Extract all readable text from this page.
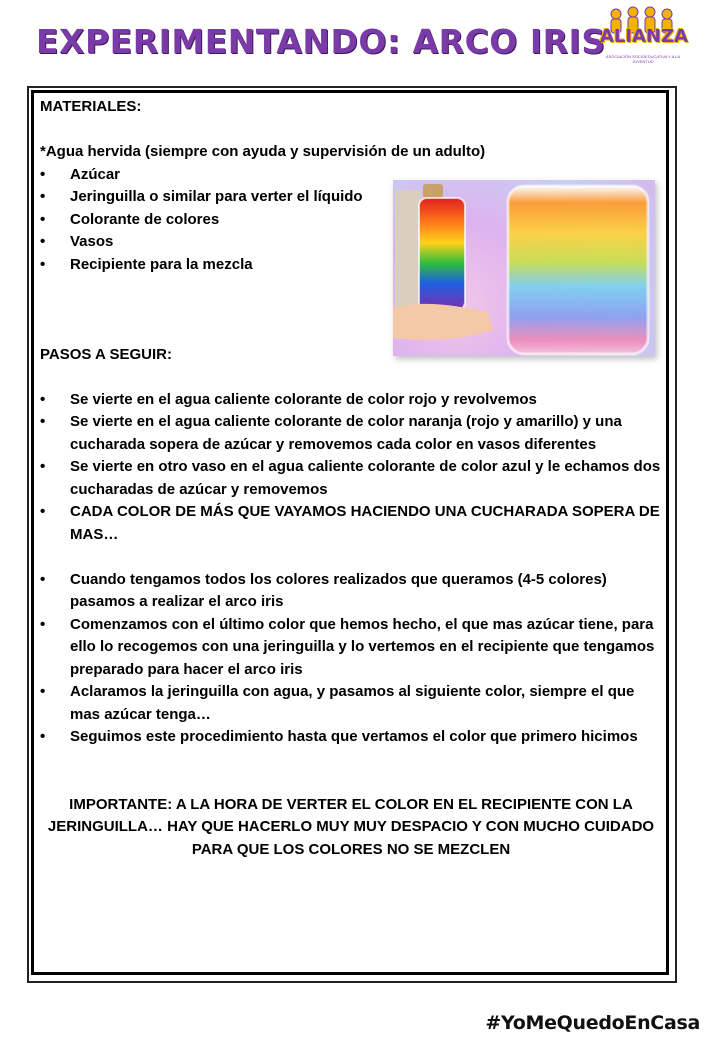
EXPERIMENTANDO: ARCO IRIS
ALIANZA
ASOCIACIÓN SOCIOEDUCATIVA Y A LA JUVENTUD
MATERIALES:
*Agua hervida (siempre con ayuda y supervisión de un adulto)
• Azúcar
• Jeringuilla o similar para verter el líquido
• Colorante de colores
• Vasos
• Recipiente para la mezcla
PASOS A SEGUIR:
• Se vierte en el agua caliente colorante de color rojo y revolvemos
• Se vierte en el agua caliente colorante de color naranja (rojo y amarillo) y una cucharada sopera de azúcar y removemos cada color en vasos diferentes
• Se vierte en otro vaso en el agua caliente colorante de color azul y le echamos dos cucharadas de azúcar y removemos
• CADA COLOR DE MÁS QUE VAYAMOS HACIENDO UNA CUCHARADA SOPERA DE MAS…
• Cuando tengamos todos los colores realizados que queramos (4-5 colores) pasamos a realizar el arco iris
• Comenzamos con el último color que hemos hecho, el que mas azúcar tiene, para ello lo recogemos con una jeringuilla y lo vertemos en el recipiente que tengamos preparado para hacer el arco iris
• Aclaramos la jeringuilla con agua, y pasamos al siguiente color, siempre el que mas azúcar tenga…
• Seguimos este procedimiento hasta que vertamos el color que primero hicimos
IMPORTANTE: A LA HORA DE VERTER EL COLOR EN EL RECIPIENTE CON LA JERINGUILLA… HAY QUE HACERLO MUY MUY DESPACIO Y CON MUCHO CUIDADO PARA QUE LOS COLORES NO SE MEZCLEN
#YoMeQuedoEnCasa
